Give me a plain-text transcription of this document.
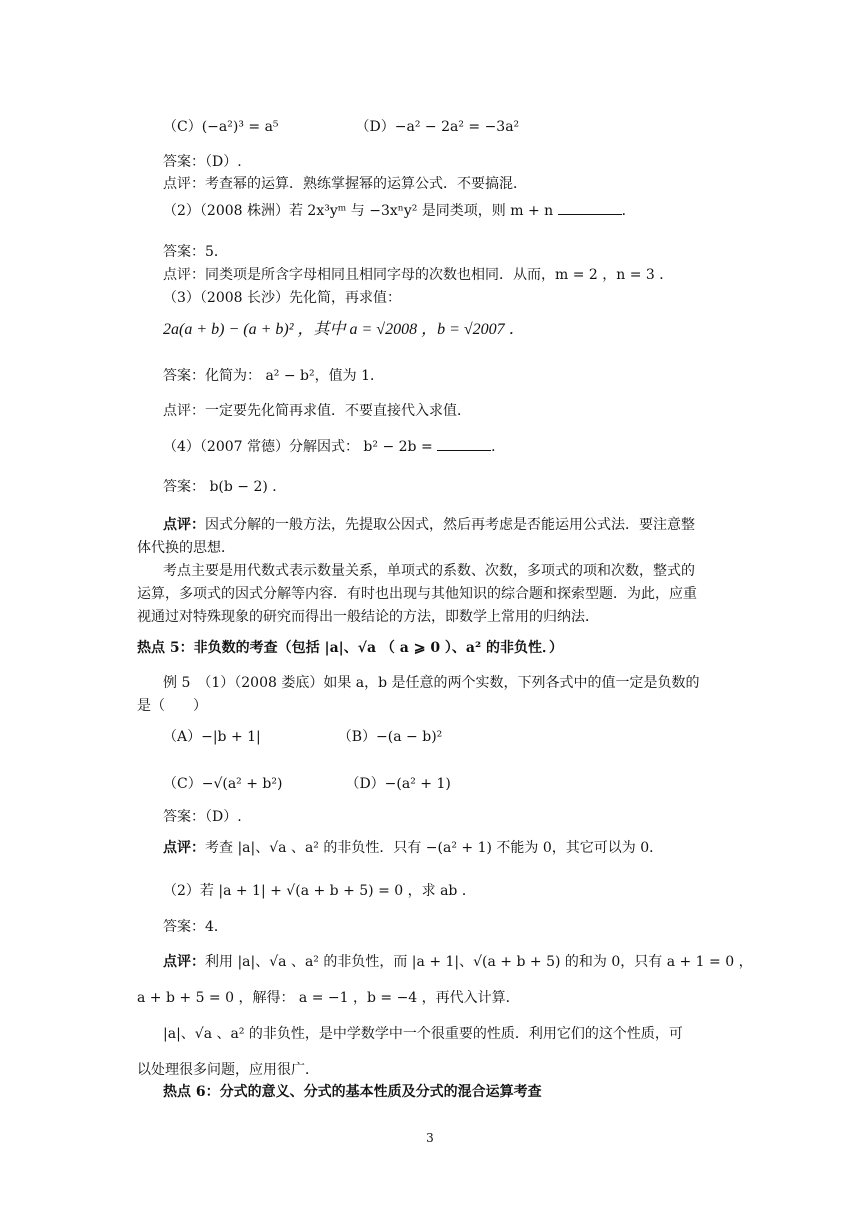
（C）(−a²)³ = a⁵　　　　　　（D）−a² − 2a² = −3a²
答案：（D）.
点评：考查幂的运算．熟练掌握幂的运算公式．不要搞混．
（2）（2008 株洲）若 2x³yᵐ 与 −3xⁿy² 是同类项，则 m + n	．
答案：5．
点评：同类项是所含字母相同且相同字母的次数也相同．从而，m = 2 ，n = 3 ．
（3）（2008 长沙）先化简，再求值：
2a(a + b) − (a + b)² ，其中 a = √2008 ，b = √2007 ．
答案：化简为： a² − b²，值为 1．
点评：一定要先化简再求值．不要直接代入求值．
（4）（2007 常德）分解因式： b² − 2b =	．
答案： b(b − 2) ．
点评：因式分解的一般方法，先提取公因式，然后再考虑是否能运用公式法．要注意整
体代换的思想．
考点主要是用代数式表示数量关系，单项式的系数、次数，多项式的项和次数，整式的
运算，多项式的因式分解等内容．有时也出现与其他知识的综合题和探索型题．为此，应重
视通过对特殊现象的研究而得出一般结论的方法，即数学上常用的归纳法．
热点 5：非负数的考查（包括 |a|、√a （ a ⩾ 0 ）、a² 的非负性．）
例 5　（1）（2008 娄底）如果 a，b 是任意的两个实数，下列各式中的值一定是负数的
是（　　）
（A）−|b + 1|　　　　　　（B）−(a − b)²
（C）−√(a² + b²)　　　　　（D）−(a² + 1)
答案：（D）.
点评：考查 |a|、√a 、a² 的非负性．只有 −(a² + 1) 不能为 0，其它可以为 0．
（2）若 |a + 1| + √(a + b + 5) = 0 ，求 ab ．
答案：4．
点评：利用 |a|、√a 、a² 的非负性，而 |a + 1|、√(a + b + 5) 的和为 0，只有 a + 1 = 0 ，
a + b + 5 = 0 ，解得： a = −1 ，b = −4 ，再代入计算．
|a|、√a 、a² 的非负性，是中学数学中一个很重要的性质．利用它们的这个性质，可
以处理很多问题，应用很广．
热点 6：分式的意义、分式的基本性质及分式的混合运算考查
3
